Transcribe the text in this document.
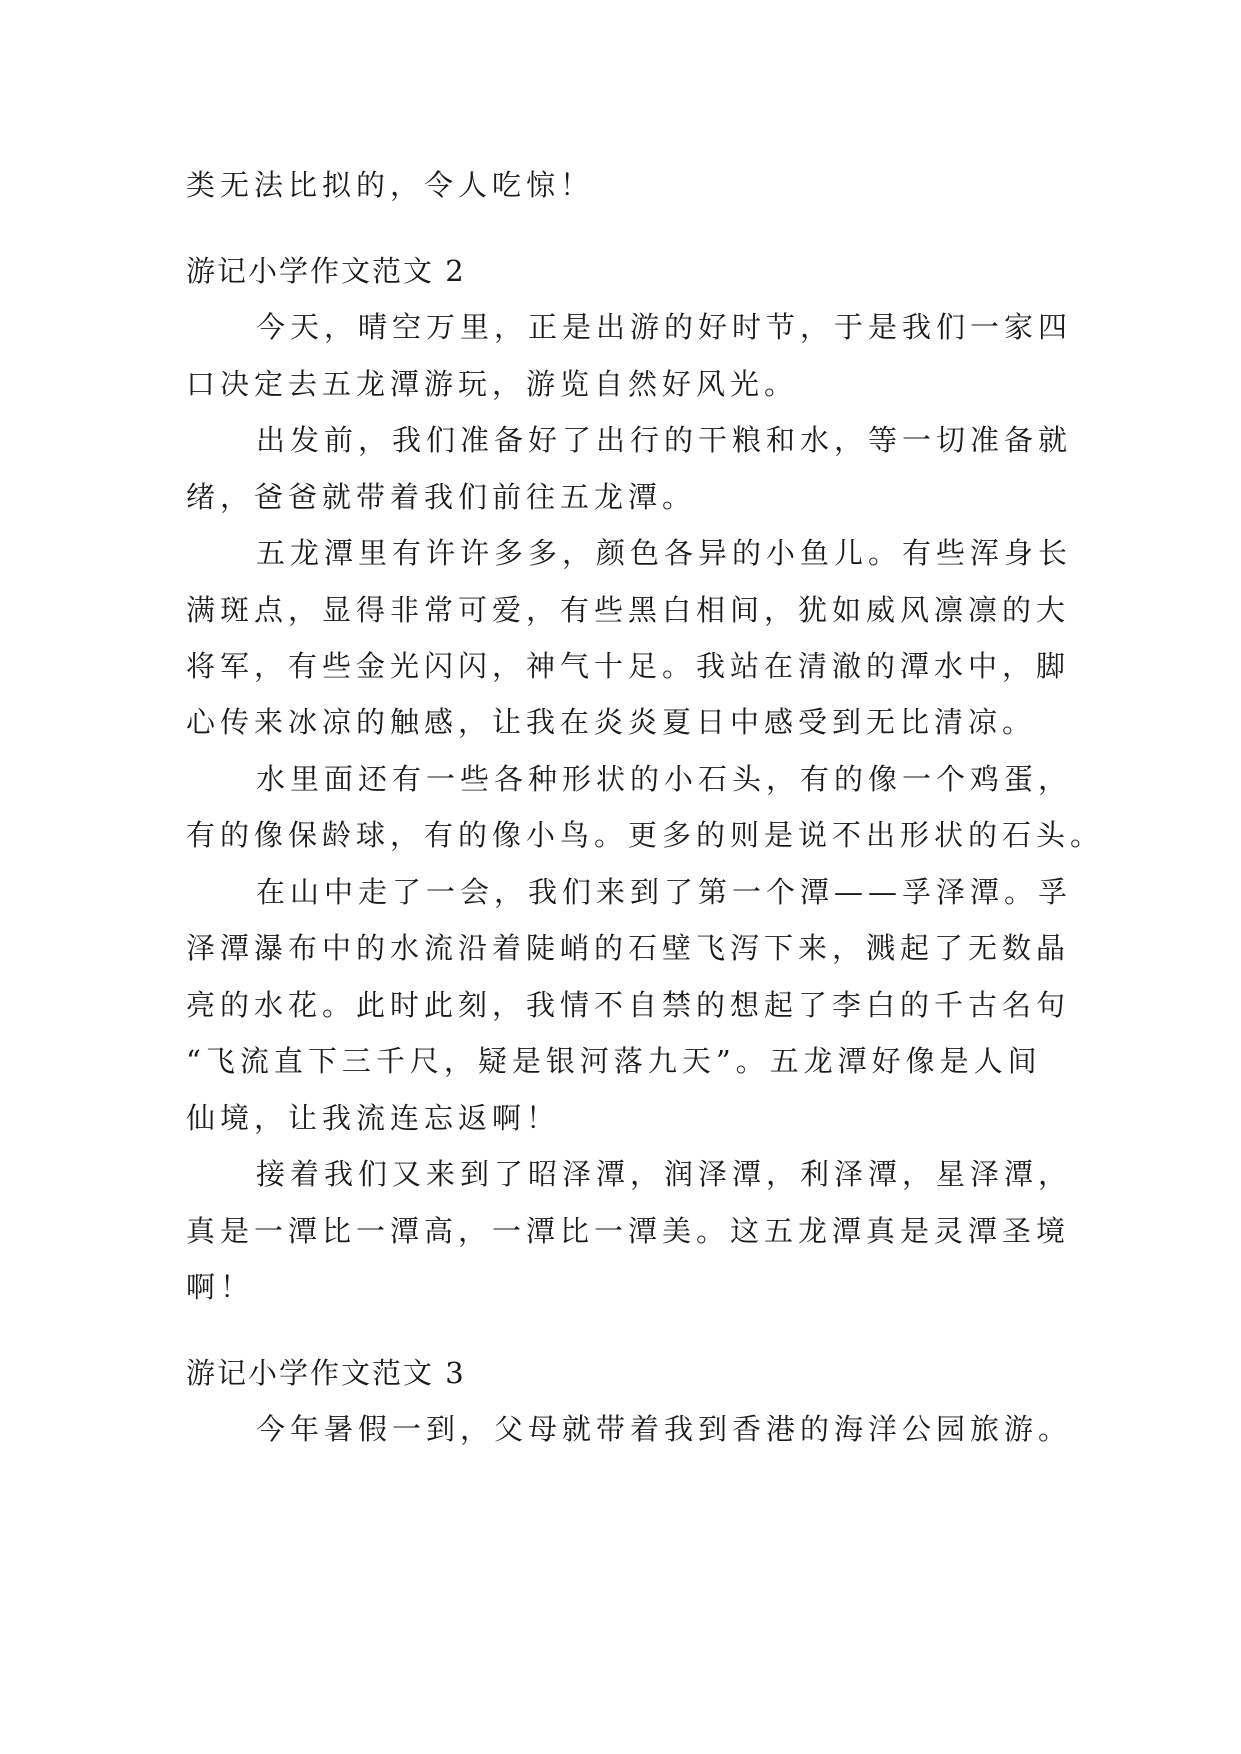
类无法比拟的，令人吃惊！
游记小学作文范文 2
今天，晴空万里，正是出游的好时节，于是我们一家四
口决定去五龙潭游玩，游览自然好风光。
出发前，我们准备好了出行的干粮和水，等一切准备就
绪，爸爸就带着我们前往五龙潭。
五龙潭里有许许多多，颜色各异的小鱼儿。有些浑身长
满斑点，显得非常可爱，有些黑白相间，犹如威风凛凛的大
将军，有些金光闪闪，神气十足。我站在清澈的潭水中，脚
心传来冰凉的触感，让我在炎炎夏日中感受到无比清凉。
水里面还有一些各种形状的小石头，有的像一个鸡蛋，
有的像保龄球，有的像小鸟。更多的则是说不出形状的石头。
在山中走了一会，我们来到了第一个潭——孚泽潭。孚
泽潭瀑布中的水流沿着陡峭的石壁飞泻下来，溅起了无数晶
亮的水花。此时此刻，我情不自禁的想起了李白的千古名句
“飞流直下三千尺，疑是银河落九天”。五龙潭好像是人间
仙境，让我流连忘返啊！
接着我们又来到了昭泽潭，润泽潭，利泽潭，星泽潭，
真是一潭比一潭高，一潭比一潭美。这五龙潭真是灵潭圣境
啊！
游记小学作文范文 3
今年暑假一到，父母就带着我到香港的海洋公园旅游。
